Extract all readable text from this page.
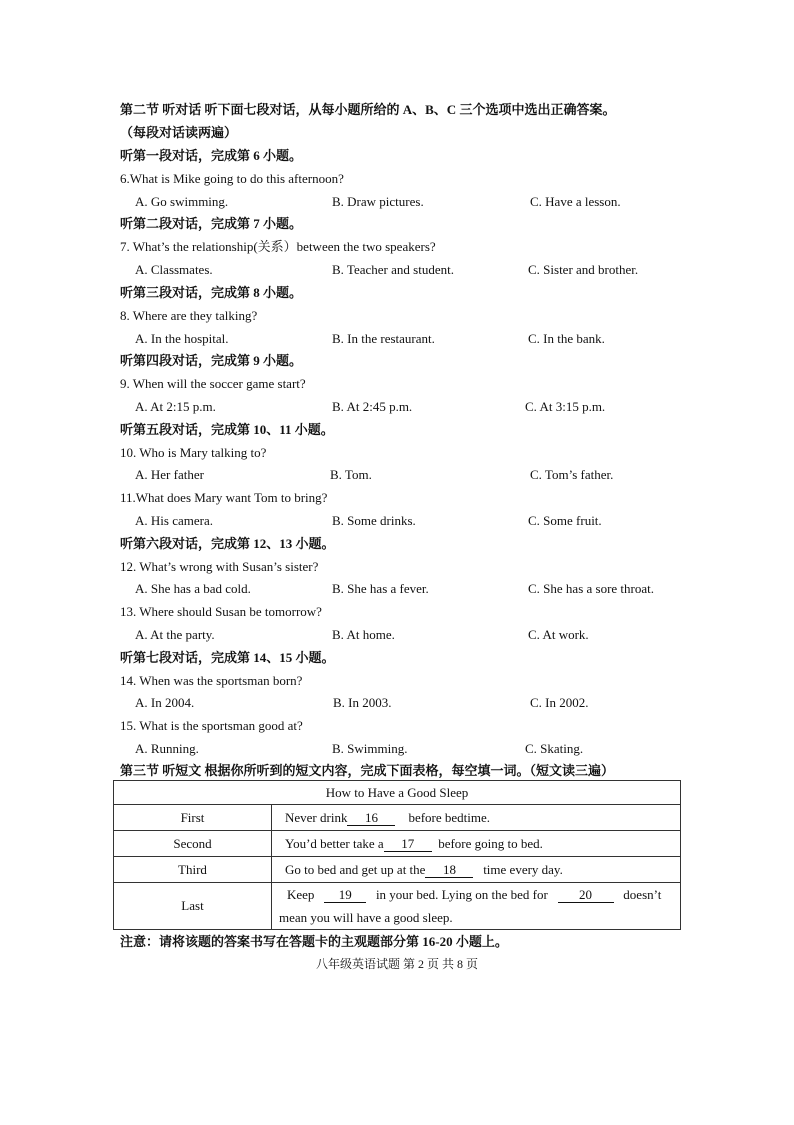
第二节 听对话 听下面七段对话，从每小题所给的 A、B、C 三个选项中选出正确答案。
（每段对话读两遍）
听第一段对话，完成第 6 小题。
6.What is Mike going to do this afternoon?
A. Go swimming.	B. Draw pictures.	C. Have a lesson.
听第二段对话，完成第 7 小题。
7. What’s the relationship(关系）between the two speakers?
A. Classmates.	B. Teacher and student.	C. Sister and brother.
听第三段对话，完成第 8 小题。
8. Where are they talking?
A. In the hospital.	B. In the restaurant.	C. In the bank.
听第四段对话，完成第 9 小题。
9. When will the soccer game start?
A. At 2:15 p.m.	B. At 2:45 p.m.	C. At 3:15 p.m.
听第五段对话，完成第 10、11 小题。
10. Who is Mary talking to?
A. Her father	B. Tom.	C. Tom’s father.
11.What does Mary want Tom to bring?
A. His camera.	B. Some drinks.	C. Some fruit.
听第六段对话，完成第 12、13 小题。
12. What’s wrong with Susan’s sister?
A. She has a bad cold.	B. She has a fever.	C. She has a sore throat.
13. Where should Susan be tomorrow?
A. At the party.	B. At home.	C. At work.
听第七段对话，完成第 14、15 小题。
14. When was the sportsman born?
A. In 2004.	B. In 2003.	C. In 2002.
15. What is the sportsman good at?
A. Running.	B. Swimming.	C. Skating.
第三节 听短文 根据你所听到的短文内容，完成下面表格，每空填一词。（短文读三遍）
How to Have a Good Sleep	
First	Never drink 16 before bedtime.
Second	You’d better take a 17 before going to bed.
Third	Go to bed and get up at the 18 time every day.
Last	Keep 19 in your bed. Lying on the bed for 20 doesn’t
mean you will have a good sleep.
注意：请将该题的答案书写在答题卡的主观题部分第 16-20 小题上。
八年级英语试题 第 2 页 共 8 页
